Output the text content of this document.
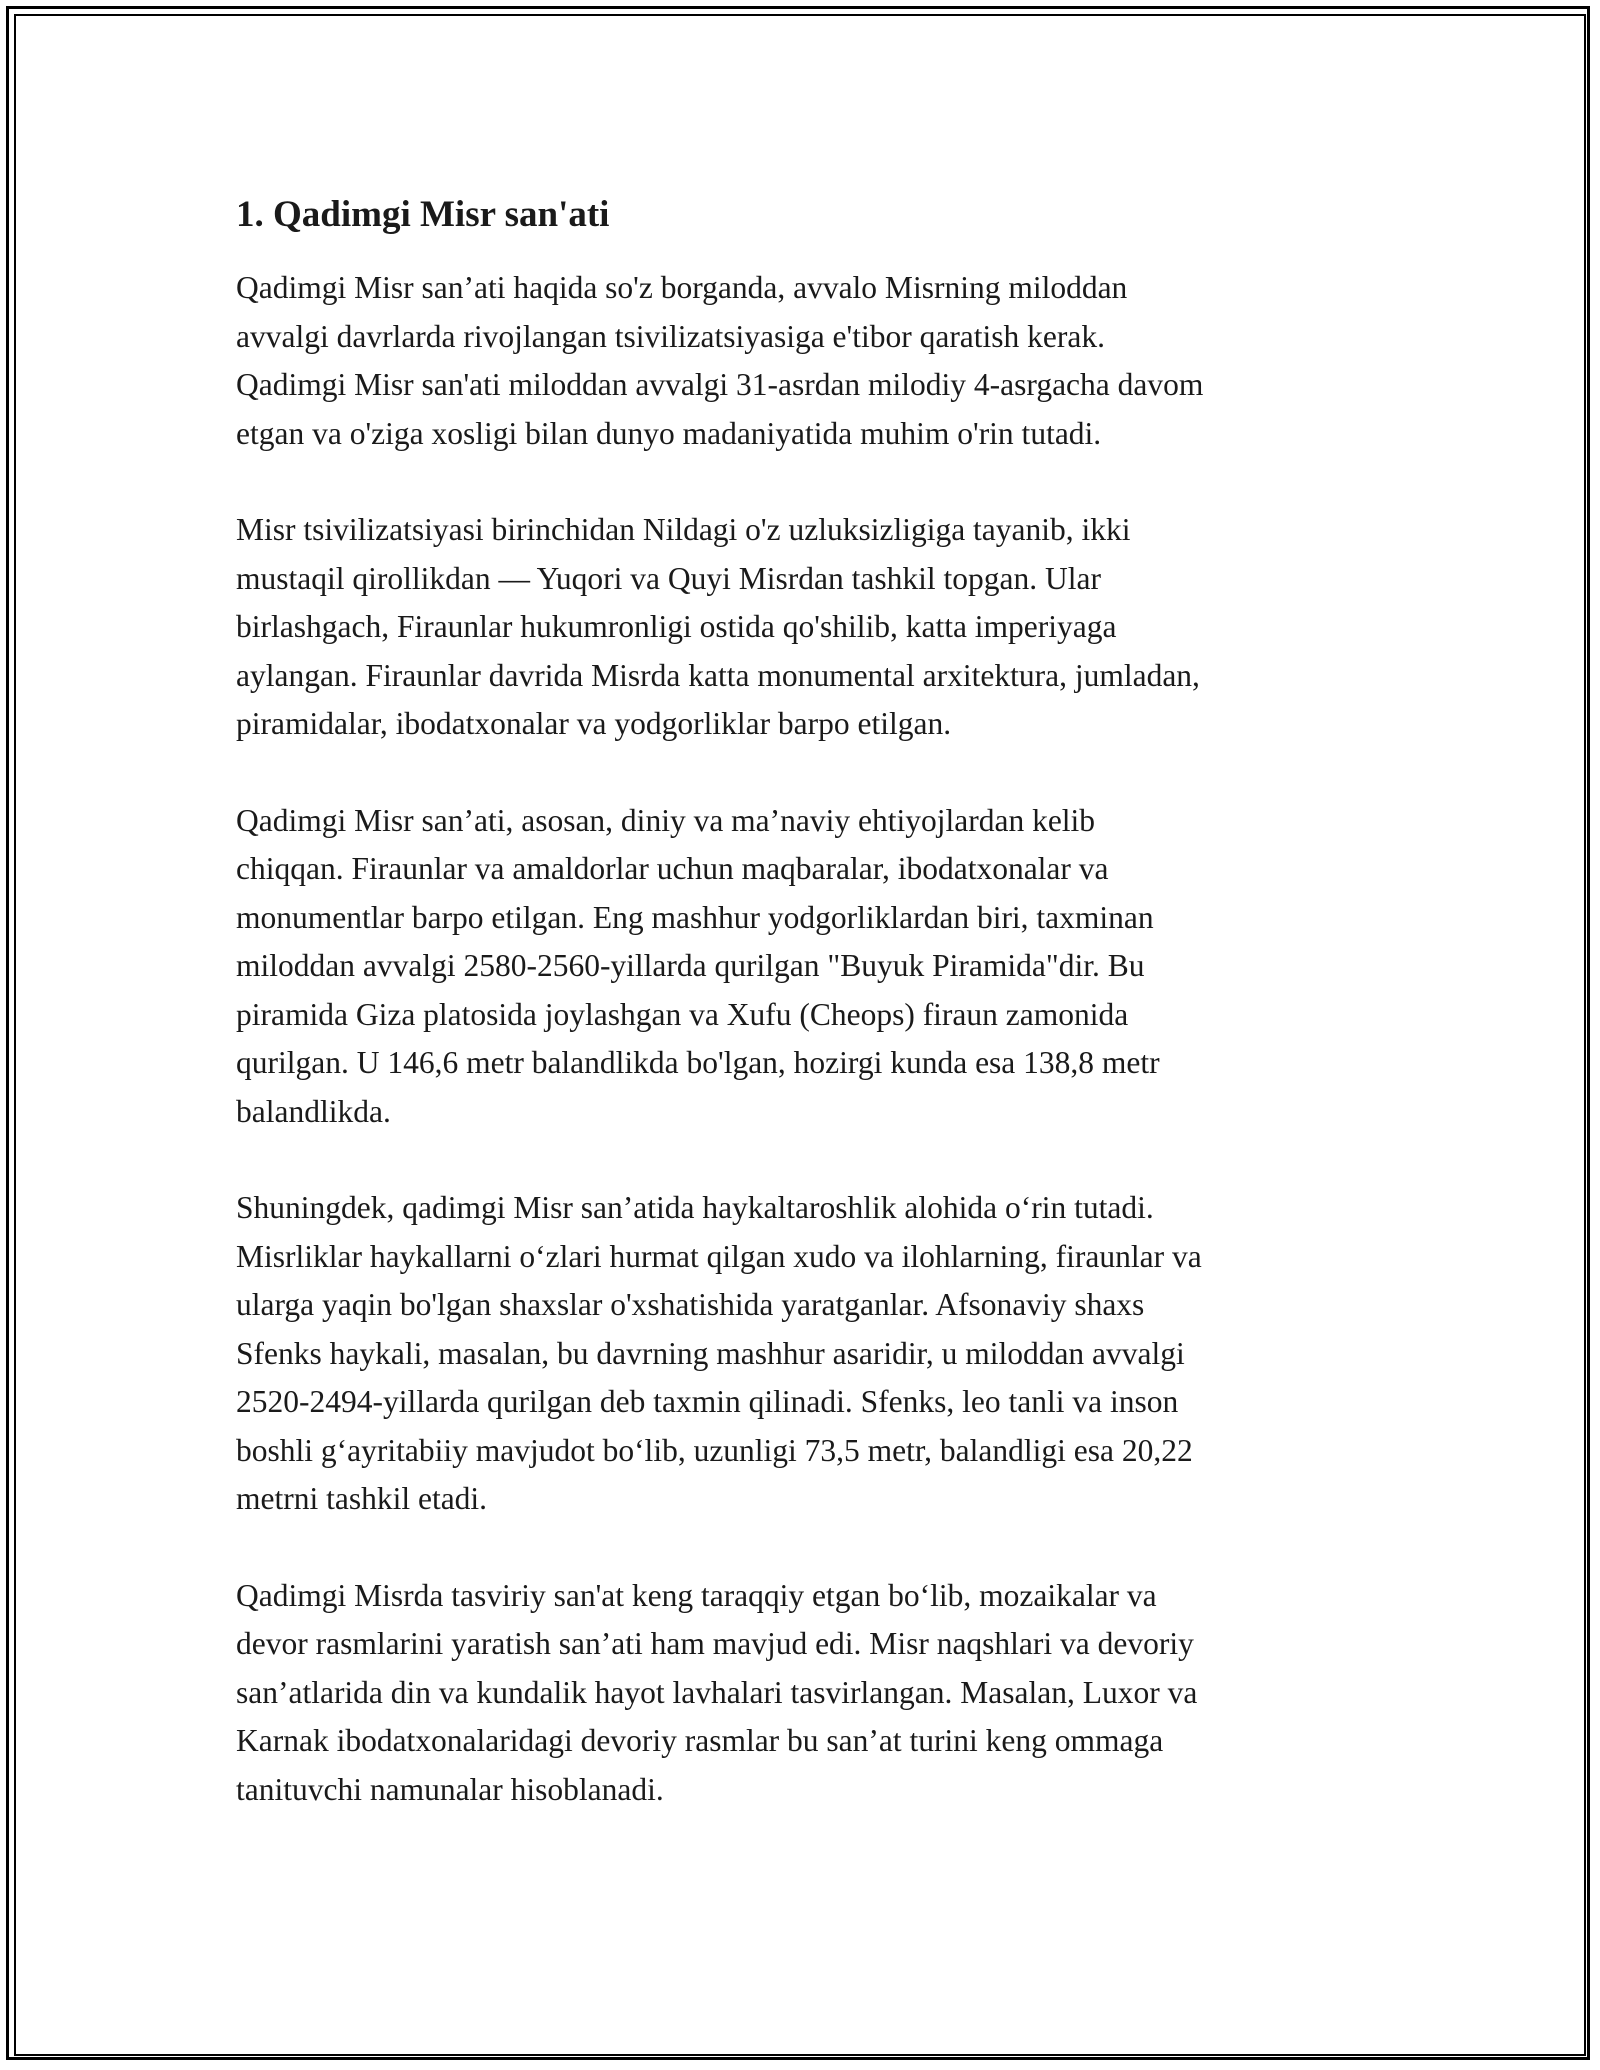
1. Qadimgi Misr san'ati

Qadimgi Misr san’ati haqida so'z borganda, avvalo Misrning miloddan
avvalgi davrlarda rivojlangan tsivilizatsiyasiga e'tibor qaratish kerak.
Qadimgi Misr san'ati miloddan avvalgi 31-asrdan milodiy 4-asrgacha davom
etgan va o'ziga xosligi bilan dunyo madaniyatida muhim o'rin tutadi.

Misr tsivilizatsiyasi birinchidan Nildagi o'z uzluksizligiga tayanib, ikki
mustaqil qirollikdan — Yuqori va Quyi Misrdan tashkil topgan. Ular
birlashgach, Firaunlar hukumronligi ostida qo'shilib, katta imperiyaga
aylangan. Firaunlar davrida Misrda katta monumental arxitektura, jumladan,
piramidalar, ibodatxonalar va yodgorliklar barpo etilgan.

Qadimgi Misr san’ati, asosan, diniy va ma’naviy ehtiyojlardan kelib
chiqqan. Firaunlar va amaldorlar uchun maqbaralar, ibodatxonalar va
monumentlar barpo etilgan. Eng mashhur yodgorliklardan biri, taxminan
miloddan avvalgi 2580-2560-yillarda qurilgan "Buyuk Piramida"dir. Bu
piramida Giza platosida joylashgan va Xufu (Cheops) firaun zamonida
qurilgan. U 146,6 metr balandlikda bo'lgan, hozirgi kunda esa 138,8 metr
balandlikda.

Shuningdek, qadimgi Misr san’atida haykaltaroshlik alohida o‘rin tutadi.
Misrliklar haykallarni o‘zlari hurmat qilgan xudo va ilohlarning, firaunlar va
ularga yaqin bo'lgan shaxslar o'xshatishida yaratganlar. Afsonaviy shaxs
Sfenks haykali, masalan, bu davrning mashhur asaridir, u miloddan avvalgi
2520-2494-yillarda qurilgan deb taxmin qilinadi. Sfenks, leo tanli va inson
boshli g‘ayritabiiy mavjudot bo‘lib, uzunligi 73,5 metr, balandligi esa 20,22
metrni tashkil etadi.

Qadimgi Misrda tasviriy san'at keng taraqqiy etgan bo‘lib, mozaikalar va
devor rasmlarini yaratish san’ati ham mavjud edi. Misr naqshlari va devoriy
san’atlarida din va kundalik hayot lavhalari tasvirlangan. Masalan, Luxor va
Karnak ibodatxonalaridagi devoriy rasmlar bu san’at turini keng ommaga
tanituvchi namunalar hisoblanadi.
